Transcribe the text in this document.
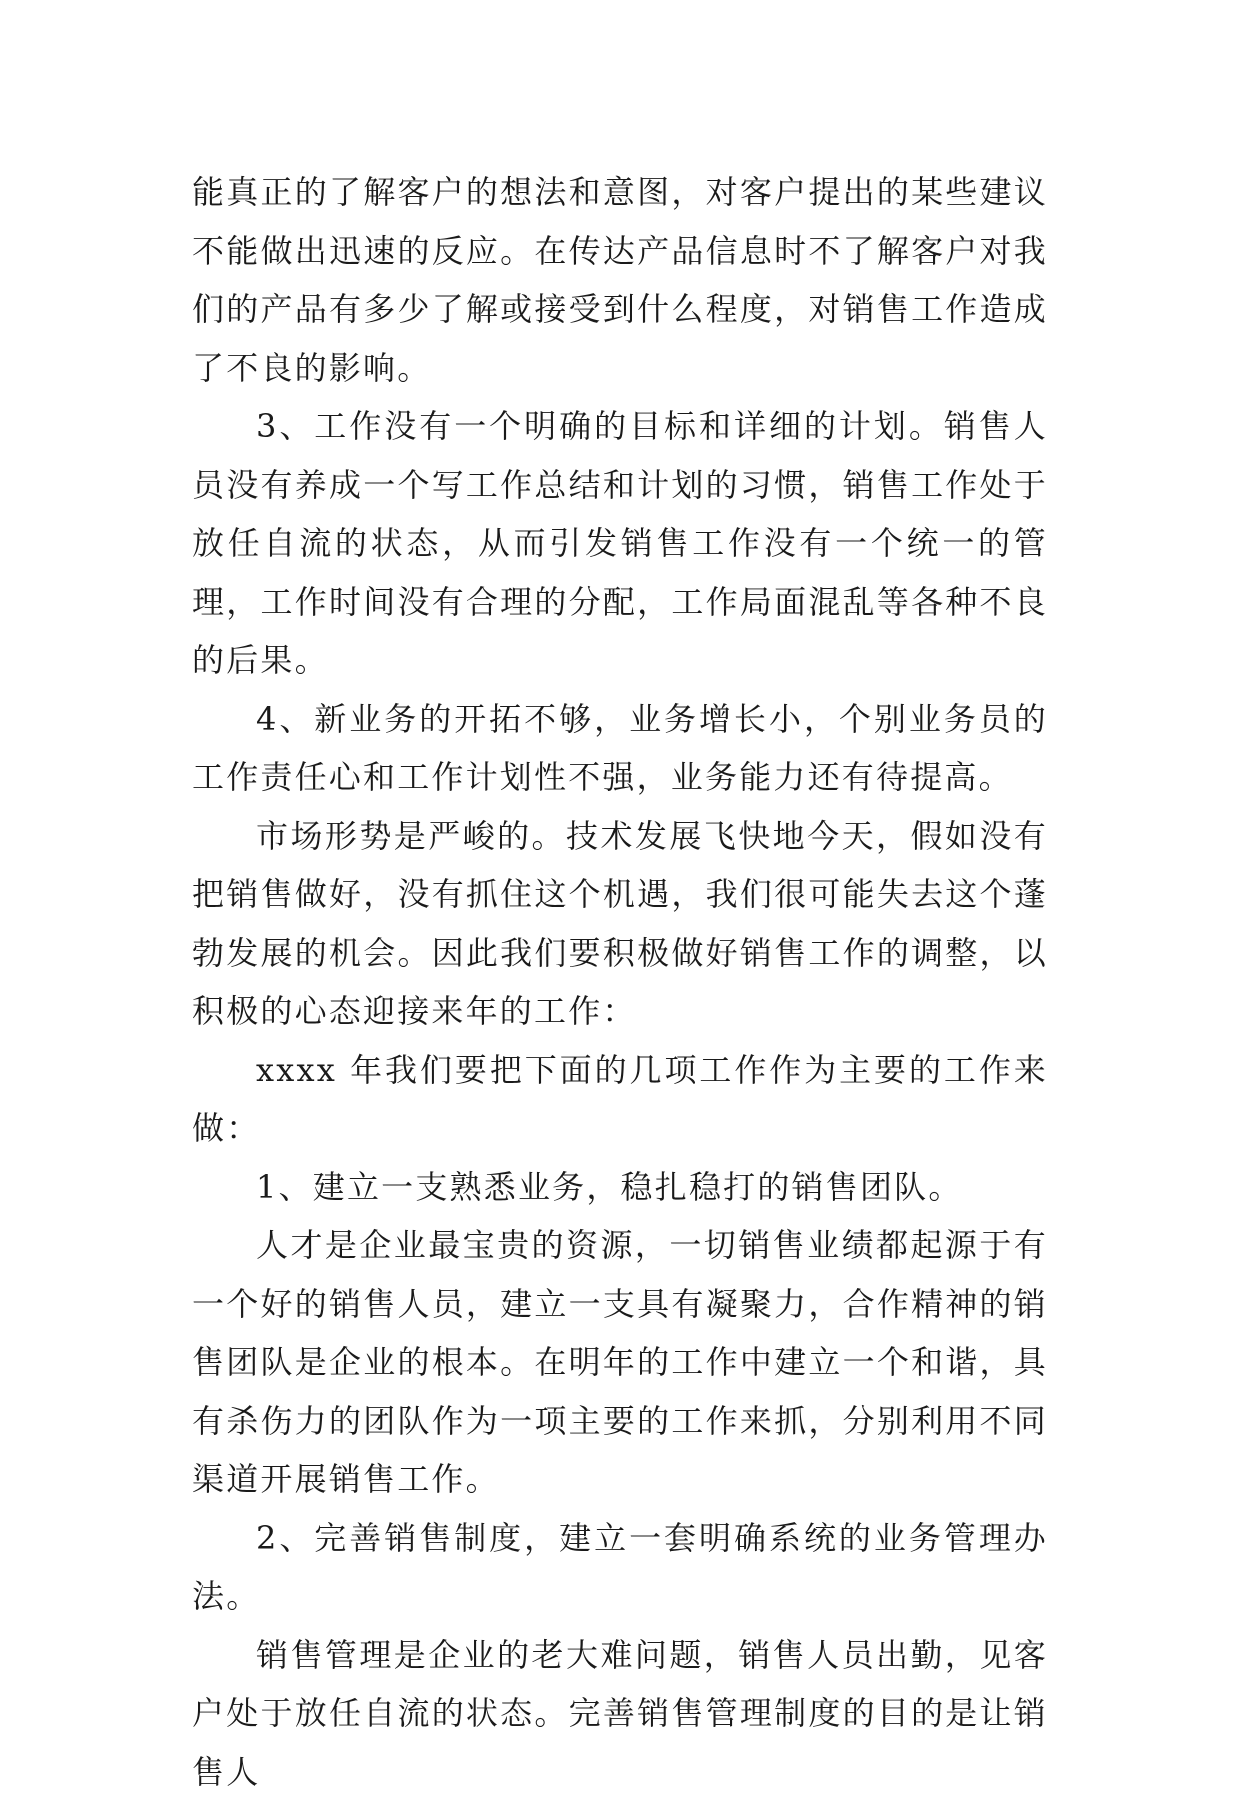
能真正的了解客户的想法和意图，对客户提出的某些建议不能做出迅速的反应。在传达产品信息时不了解客户对我们的产品有多少了解或接受到什么程度，对销售工作造成了不良的影响。

3、工作没有一个明确的目标和详细的计划。销售人员没有养成一个写工作总结和计划的习惯，销售工作处于放任自流的状态，从而引发销售工作没有一个统一的管理，工作时间没有合理的分配，工作局面混乱等各种不良的后果。

4、新业务的开拓不够，业务增长小，个别业务员的工作责任心和工作计划性不强，业务能力还有待提高。

市场形势是严峻的。技术发展飞快地今天，假如没有把销售做好，没有抓住这个机遇，我们很可能失去这个蓬勃发展的机会。因此我们要积极做好销售工作的调整，以积极的心态迎接来年的工作：

xxxx 年我们要把下面的几项工作作为主要的工作来做：

1、建立一支熟悉业务，稳扎稳打的销售团队。

人才是企业最宝贵的资源，一切销售业绩都起源于有一个好的销售人员，建立一支具有凝聚力，合作精神的销售团队是企业的根本。在明年的工作中建立一个和谐，具有杀伤力的团队作为一项主要的工作来抓，分别利用不同渠道开展销售工作。

2、完善销售制度，建立一套明确系统的业务管理办法。

销售管理是企业的老大难问题，销售人员出勤，见客户处于放任自流的状态。完善销售管理制度的目的是让销售人
